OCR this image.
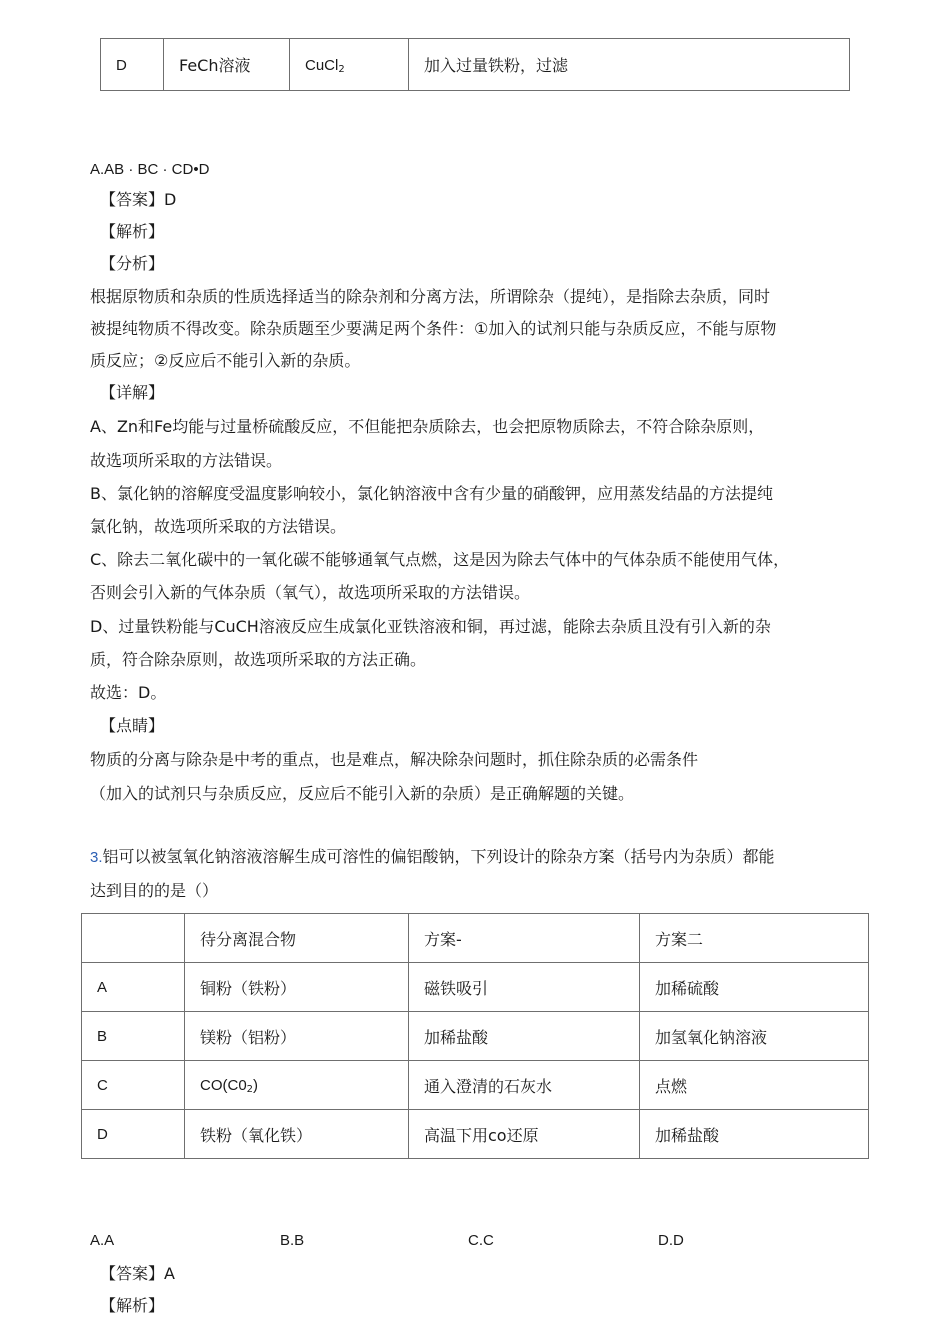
D	FeCh溶液	CuCl$_2$	加入过量铁粉，过滤
A.AB · BC · CD•D
【答案】D
【解析】
【分析】
根据原物质和杂质的性质选择适当的除杂剂和分离方法，所谓除杂（提纯），是指除去杂质，同时
被提纯物质不得改变。除杂质题至少要满足两个条件：①加入的试剂只能与杂质反应，不能与原物
质反应；②反应后不能引入新的杂质。
【详解】
A、Zn和Fe均能与过量桥硫酸反应，不但能把杂质除去，也会把原物质除去，不符合除杂原则，
故选项所采取的方法错误。
B、氯化钠的溶解度受温度影响较小，氯化钠溶液中含有少量的硝酸钾，应用蒸发结晶的方法提纯
氯化钠，故选项所采取的方法错误。
C、除去二氧化碳中的一氧化碳不能够通氧气点燃，这是因为除去气体中的气体杂质不能使用气体，
否则会引入新的气体杂质（氧气），故选项所采取的方法错误。
D、过量铁粉能与CuCH溶液反应生成氯化亚铁溶液和铜，再过滤，能除去杂质且没有引入新的杂
质，符合除杂原则，故选项所采取的方法正确。
故选：D。
【点睛】
物质的分离与除杂是中考的重点，也是难点，解决除杂问题时，抓住除杂质的必需条件
（加入的试剂只与杂质反应，反应后不能引入新的杂质）是正确解题的关键。
3.铝可以被氢氧化钠溶液溶解生成可溶性的偏铝酸钠，下列设计的除杂方案（括号内为杂质）都能
达到目的的是（）
	待分离混合物	方案-	方案二
A	铜粉（铁粉）	磁铁吸引	加稀硫酸
B	镁粉（铝粉）	加稀盐酸	加氢氧化钠溶液
C	$CO(C0_2)$	通入澄清的石灰水	点燃
D	铁粉（氧化铁）	高温下用co还原	加稀盐酸
A.A	B.B	C.C	D.D
【答案】A
【解析】
